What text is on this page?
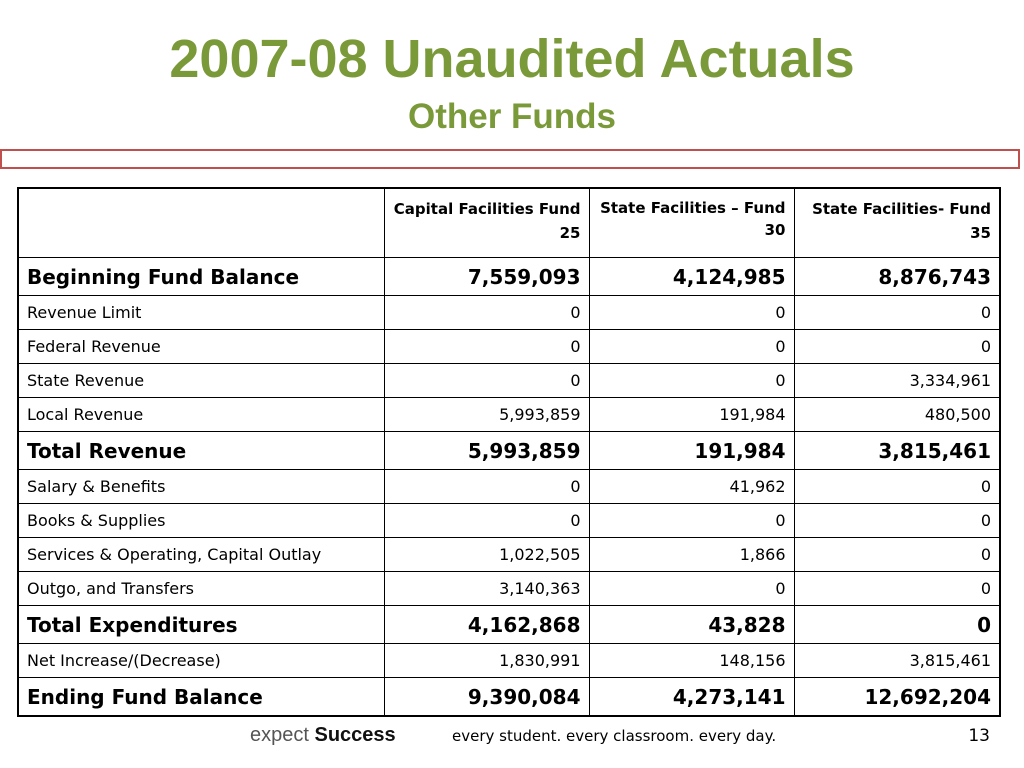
2007-08 Unaudited Actuals
Other Funds
	Capital Facilities Fund 25	State Facilities – Fund 30	State Facilities- Fund 35
Beginning Fund Balance	7,559,093	4,124,985	8,876,743
Revenue Limit	0	0	0
Federal Revenue	0	0	0
State Revenue	0	0	3,334,961
Local Revenue	5,993,859	191,984	480,500
Total Revenue	5,993,859	191,984	3,815,461
Salary & Benefits	0	41,962	0
Books & Supplies	0	0	0
Services & Operating, Capital Outlay	1,022,505	1,866	0
Outgo, and Transfers	3,140,363	0	0
Total Expenditures	4,162,868	43,828	0
Net Increase/(Decrease)	1,830,991	148,156	3,815,461
Ending Fund Balance	9,390,084	4,273,141	12,692,204
expect Success	every student. every classroom. every day.	13
